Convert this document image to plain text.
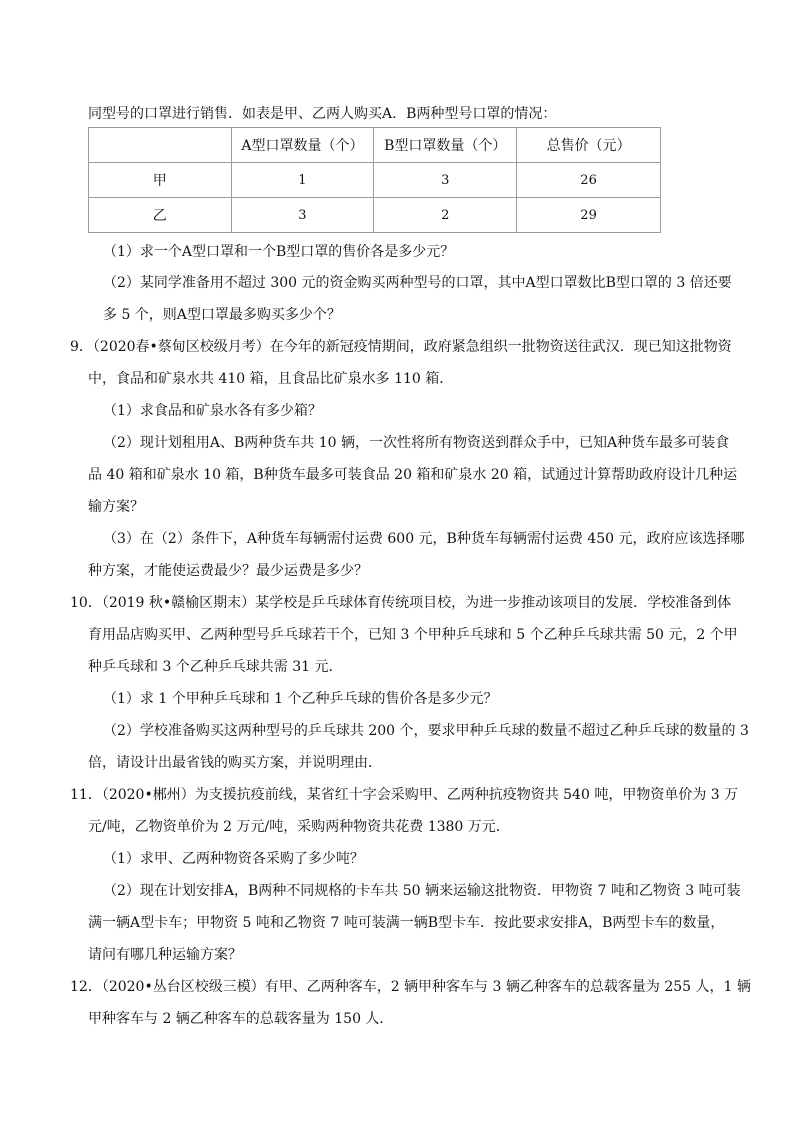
同型号的口罩进行销售．如表是甲、乙两人购买A．B两种型号口罩的情况：
	A型口罩数量（个）	B型口罩数量（个）	总售价（元）
甲	1	3	26
乙	3	2	29
（1）求一个A型口罩和一个B型口罩的售价各是多少元？
（2）某同学准备用不超过 300 元的资金购买两种型号的口罩，其中A型口罩数比B型口罩的 3 倍还要
多 5 个，则A型口罩最多购买多少个？
9．（2020春•蔡甸区校级月考）在今年的新冠疫情期间，政府紧急组织一批物资送往武汉．现已知这批物资
中，食品和矿泉水共 410 箱，且食品比矿泉水多 110 箱．
（1）求食品和矿泉水各有多少箱？
（2）现计划租用A、B两种货车共 10 辆，一次性将所有物资送到群众手中，已知A种货车最多可装食
品 40 箱和矿泉水 10 箱，B种货车最多可装食品 20 箱和矿泉水 20 箱，试通过计算帮助政府设计几种运
输方案？
（3）在（2）条件下，A种货车每辆需付运费 600 元，B种货车每辆需付运费 450 元，政府应该选择哪
种方案，才能使运费最少？最少运费是多少？
10．（2019 秋•赣榆区期末）某学校是乒乓球体育传统项目校，为进一步推动该项目的发展．学校准备到体
育用品店购买甲、乙两种型号乒乓球若干个，已知 3 个甲种乒乓球和 5 个乙种乒乓球共需 50 元，2 个甲
种乒乓球和 3 个乙种乒乓球共需 31 元．
（1）求 1 个甲种乒乓球和 1 个乙种乒乓球的售价各是多少元？
（2）学校准备购买这两种型号的乒乓球共 200 个，要求甲种乒乓球的数量不超过乙种乒乓球的数量的 3
倍，请设计出最省钱的购买方案，并说明理由．
11．（2020•郴州）为支援抗疫前线，某省红十字会采购甲、乙两种抗疫物资共 540 吨，甲物资单价为 3 万
元/吨，乙物资单价为 2 万元/吨，采购两种物资共花费 1380 万元．
（1）求甲、乙两种物资各采购了多少吨？
（2）现在计划安排A，B两种不同规格的卡车共 50 辆来运输这批物资．甲物资 7 吨和乙物资 3 吨可装
满一辆A型卡车；甲物资 5 吨和乙物资 7 吨可装满一辆B型卡车．按此要求安排A，B两型卡车的数量，
请问有哪几种运输方案？
12．（2020•丛台区校级三模）有甲、乙两种客车，2 辆甲种客车与 3 辆乙种客车的总载客量为 255 人，1 辆
甲种客车与 2 辆乙种客车的总载客量为 150 人．
